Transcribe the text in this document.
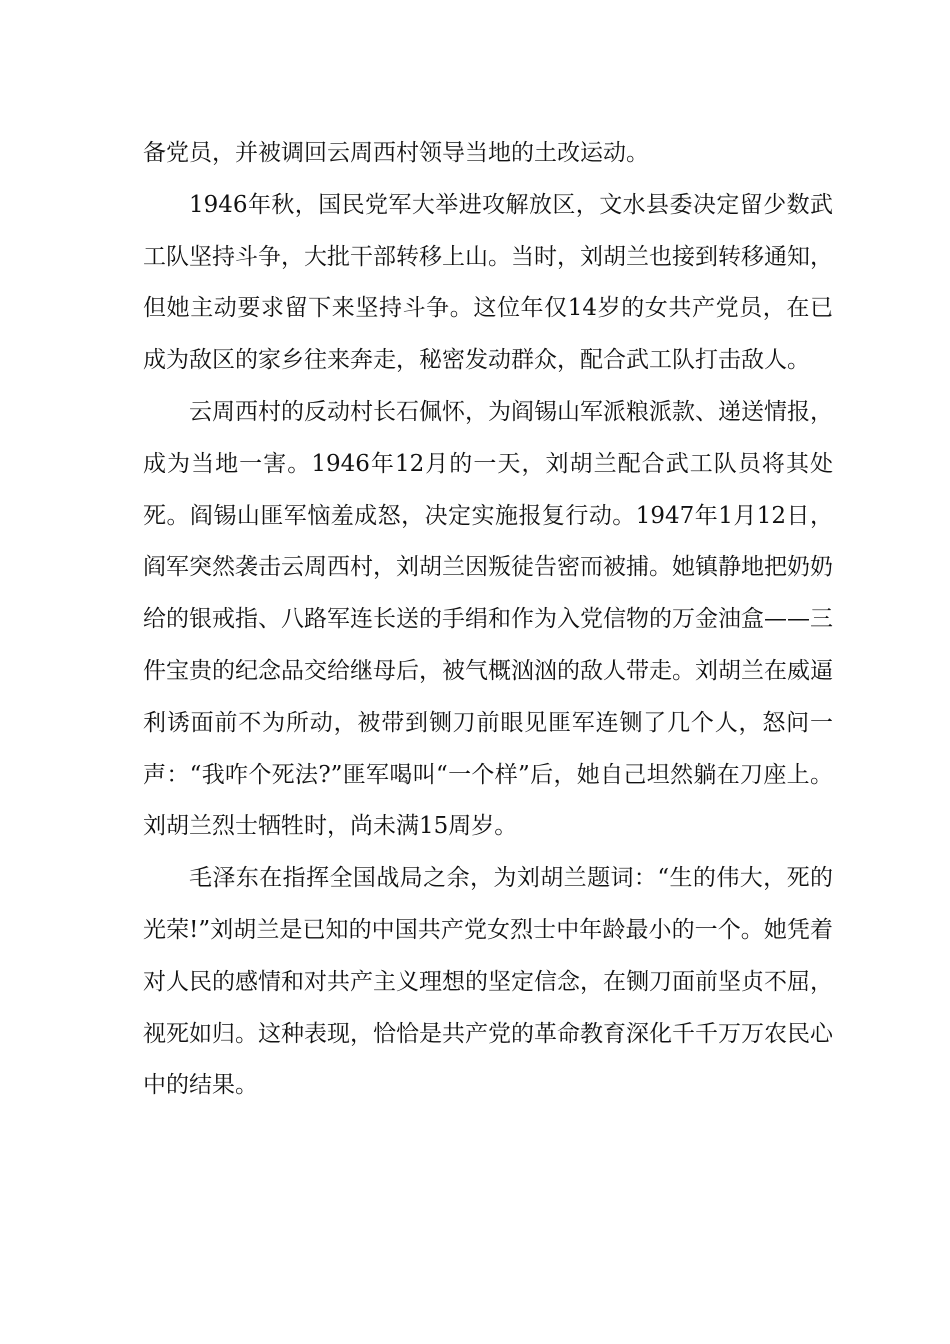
备党员，并被调回云周西村领导当地的土改运动。

1946年秋，国民党军大举进攻解放区，文水县委决定留少数武工队坚持斗争，大批干部转移上山。当时，刘胡兰也接到转移通知，但她主动要求留下来坚持斗争。这位年仅14岁的女共产党员，在已成为敌区的家乡往来奔走，秘密发动群众，配合武工队打击敌人。

云周西村的反动村长石佩怀，为阎锡山军派粮派款、递送情报，成为当地一害。1946年12月的一天，刘胡兰配合武工队员将其处死。阎锡山匪军恼羞成怒，决定实施报复行动。1947年1月12日，阎军突然袭击云周西村，刘胡兰因叛徒告密而被捕。她镇静地把奶奶给的银戒指、八路军连长送的手绢和作为入党信物的万金油盒——三件宝贵的纪念品交给继母后，被气概汹汹的敌人带走。刘胡兰在威逼利诱面前不为所动，被带到铡刀前眼见匪军连铡了几个人，怒问一声：“我咋个死法?”匪军喝叫“一个样”后，她自己坦然躺在刀座上。刘胡兰烈士牺牲时，尚未满15周岁。

毛泽东在指挥全国战局之余，为刘胡兰题词：“生的伟大，死的光荣!”刘胡兰是已知的中国共产党女烈士中年龄最小的一个。她凭着对人民的感情和对共产主义理想的坚定信念，在铡刀面前坚贞不屈，视死如归。这种表现，恰恰是共产党的革命教育深化千千万万农民心中的结果。
